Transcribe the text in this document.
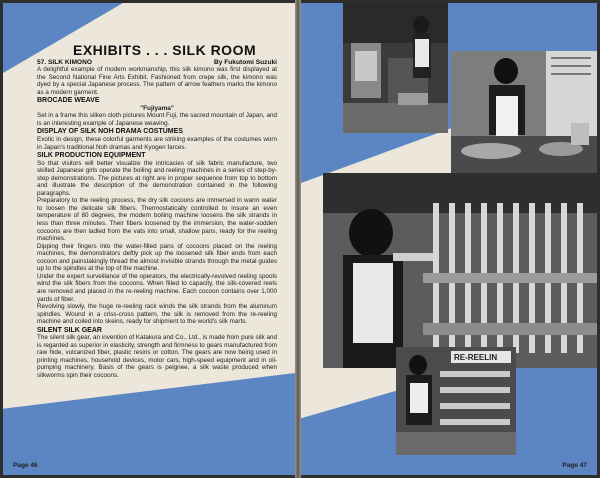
EXHIBITS . . . SILK ROOM
57. SILK KIMONO	By Fukutomi Suzuki

A delightful example of modern workmanship, this silk kimono was first displayed at the Second National Fine Arts Exhibit. Fashioned from crepe silk, the kimono was dyed by a special Japanese process. The pattern of arrow feathers marks the kimono as a modern garment.

BROCADE WEAVE
"Fujiyama"

Set in a frame this silken cloth pictures Mount Fuji, the sacred mountain of Japan, and is an interesting example of Japanese weaving.

DISPLAY OF SILK NOH DRAMA COSTUMES

Exotic in design, these colorful garments are striking examples of the costumes worn in Japan's traditional Noh dramas and Kyogen farces.

SILK PRODUCTION EQUIPMENT

So that visitors will better visualize the intricacies of silk fabric manufacture, two skilled Japanese girls operate the boiling and reeling machines in a series of step-by-step demonstrations. The pictures at right are in proper sequence from top to bottom and illustrate the description of the demonstration contained in the following paragraphs.

Preparatory to the reeling process, the dry silk cocoons are immersed in warm water to loosen the delicate silk fibers. Thermostatically controlled to insure an even temperature of 80 degrees, the modern boiling machine loosens the silk strands in less than three minutes. Their fibers loosened by the immersion, the water-sodden cocoons are then ladled from the vats into small, shallow pans, ready for the reeling machines.

Dipping their fingers into the water-filled pans of cocoons placed on the reeling machines, the demonstrators deftly pick up the loosened silk fiber ends from each cocoon and painstakingly thread the almost invisible strands through the metal guides up to the spindles at the top of the machine.

Under the expert surveillance of the operators, the electrically-revolved reeling spools wind the silk fibers from the cocoons. When filled to capacity, the silk-covered reels are removed and placed in the re-reeling machine. Each cocoon contains over 1,000 yards of fiber.

Revolving slowly, the huge re-reeling rack winds the silk strands from the aluminum spindles. Wound in a criss-cross pattern, the silk is removed from the re-reeling machine and coiled into skeins, ready for shipment to the world's silk marts.

SILENT SILK GEAR

The silent silk gear, an invention of Katakura and Co., Ltd., is made from pure silk and is regarded as superior in elasticity, strength and firmness to gears manufactured from raw hide, vulcanized fiber, plastic resins or cotton. The gears are now being used in printing machines, household devices, motor cars, high-speed equipment and in oil-pumping machinery. Basis of the gears is peignee, a silk waste produced when silkworms spin their cocoons.

Page 46
RE-REELIN
Page 47
